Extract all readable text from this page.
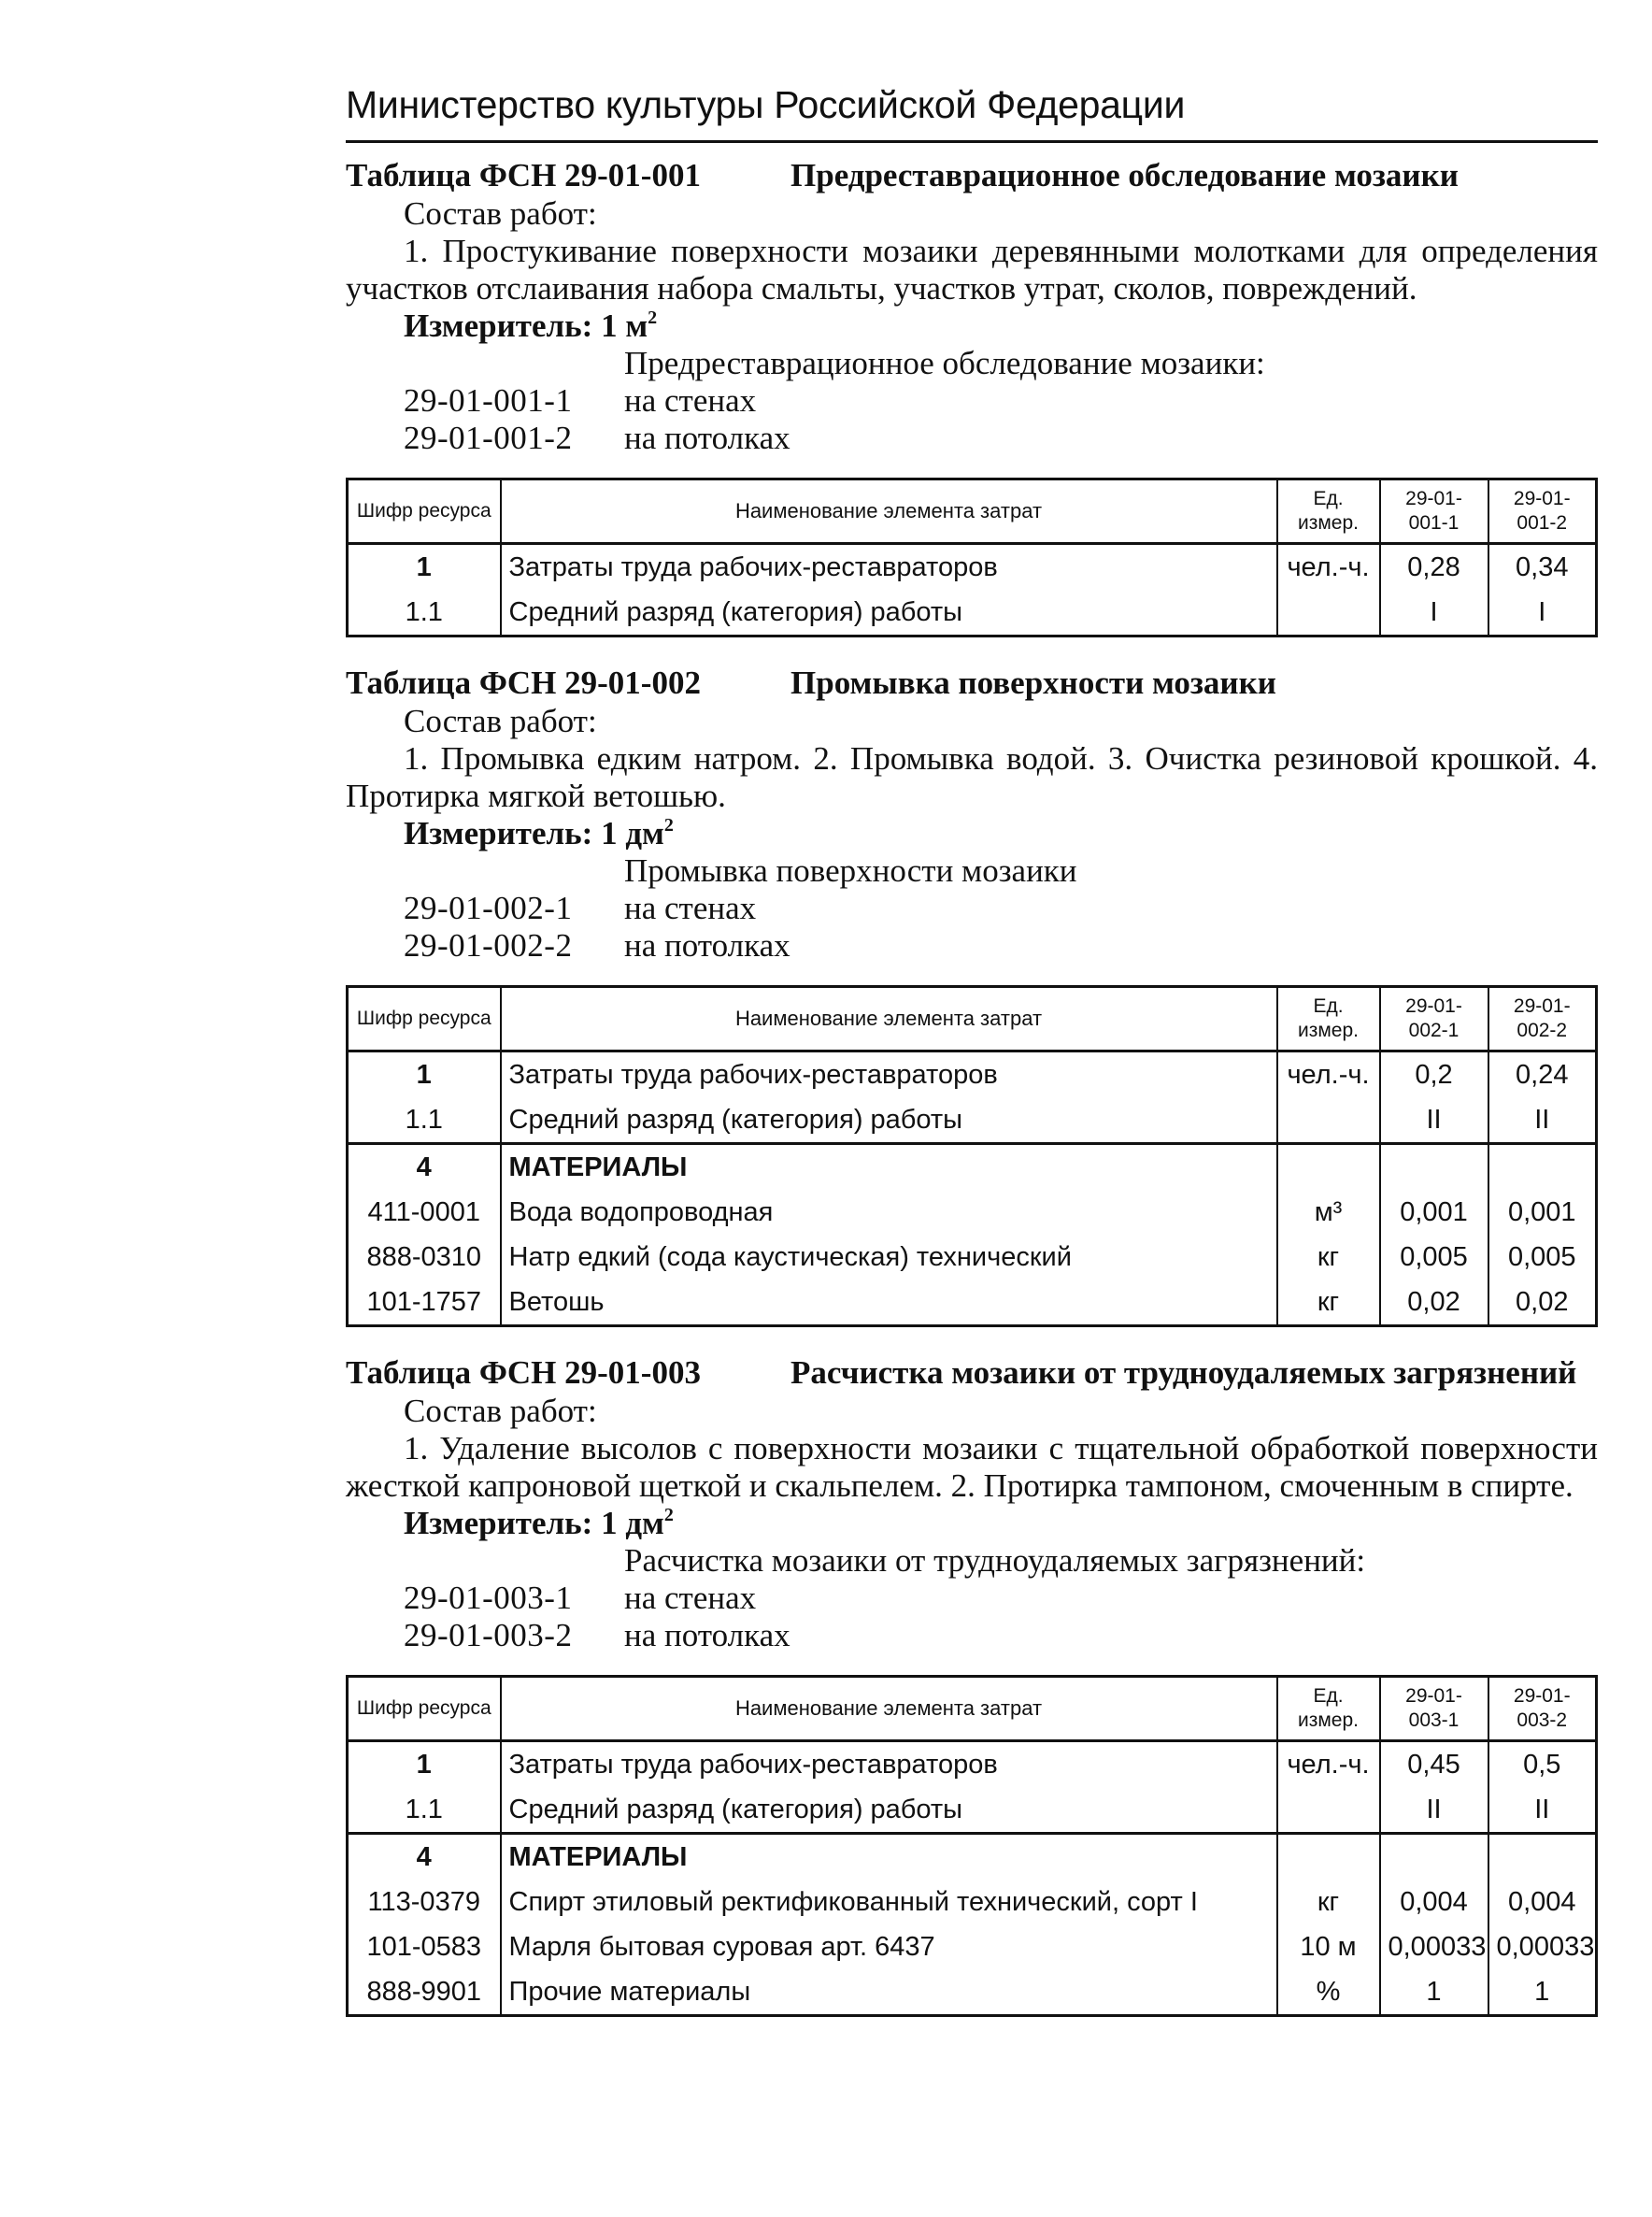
Министерство культуры Российской Федерации
Таблица ФСН 29-01-001	Предреставрационное обследование мозаики
Состав работ:
1. Простукивание поверхности мозаики деревянными молотками для определения участков отслаивания набора смальты, участков утрат, сколов, повреждений.
Измеритель: 1 $м^2$
Предреставрационное обследование мозаики:
29-01-001-1	на стенах
29-01-001-2	на потолках
Шифр ресурса	Наименование элемента затрат	Ед. измер.	29-01-001-1	29-01-001-2
1	Затраты труда рабочих-реставраторов	чел.-ч.	0,28	0,34
1.1	Средний разряд (категория) работы		I	I
Таблица ФСН 29-01-002	Промывка поверхности мозаики
Состав работ:
1. Промывка едким натром. 2. Промывка водой. 3. Очистка резиновой крошкой. 4. Протирка мягкой ветошью.
Измеритель: 1 $дм^2$
Промывка поверхности мозаики
29-01-002-1	на стенах
29-01-002-2	на потолках
Шифр ресурса	Наименование элемента затрат	Ед. измер.	29-01-002-1	29-01-002-2
1	Затраты труда рабочих-реставраторов	чел.-ч.	0,2	0,24
1.1	Средний разряд (категория) работы		II	II
4	МАТЕРИАЛЫ			
411-0001	Вода водопроводная	м³	0,001	0,001
888-0310	Натр едкий (сода каустическая) технический	кг	0,005	0,005
101-1757	Ветошь	кг	0,02	0,02
Таблица ФСН 29-01-003	Расчистка мозаики от трудноудаляемых загрязнений
Состав работ:
1. Удаление высолов с поверхности мозаики с тщательной обработкой поверхности жесткой капроновой щеткой и скальпелем. 2. Протирка тампоном, смоченным в спирте.
Измеритель: 1 $дм^2$
Расчистка мозаики от трудноудаляемых загрязнений:
29-01-003-1	на стенах
29-01-003-2	на потолках
Шифр ресурса	Наименование элемента затрат	Ед. измер.	29-01-003-1	29-01-003-2
1	Затраты труда рабочих-реставраторов	чел.-ч.	0,45	0,5
1.1	Средний разряд (категория) работы		II	II
4	МАТЕРИАЛЫ			
113-0379	Спирт этиловый ректификованный технический, сорт I	кг	0,004	0,004
101-0583	Марля бытовая суровая арт. 6437	10 м	0,00033	0,00033
888-9901	Прочие материалы	%	1	1
